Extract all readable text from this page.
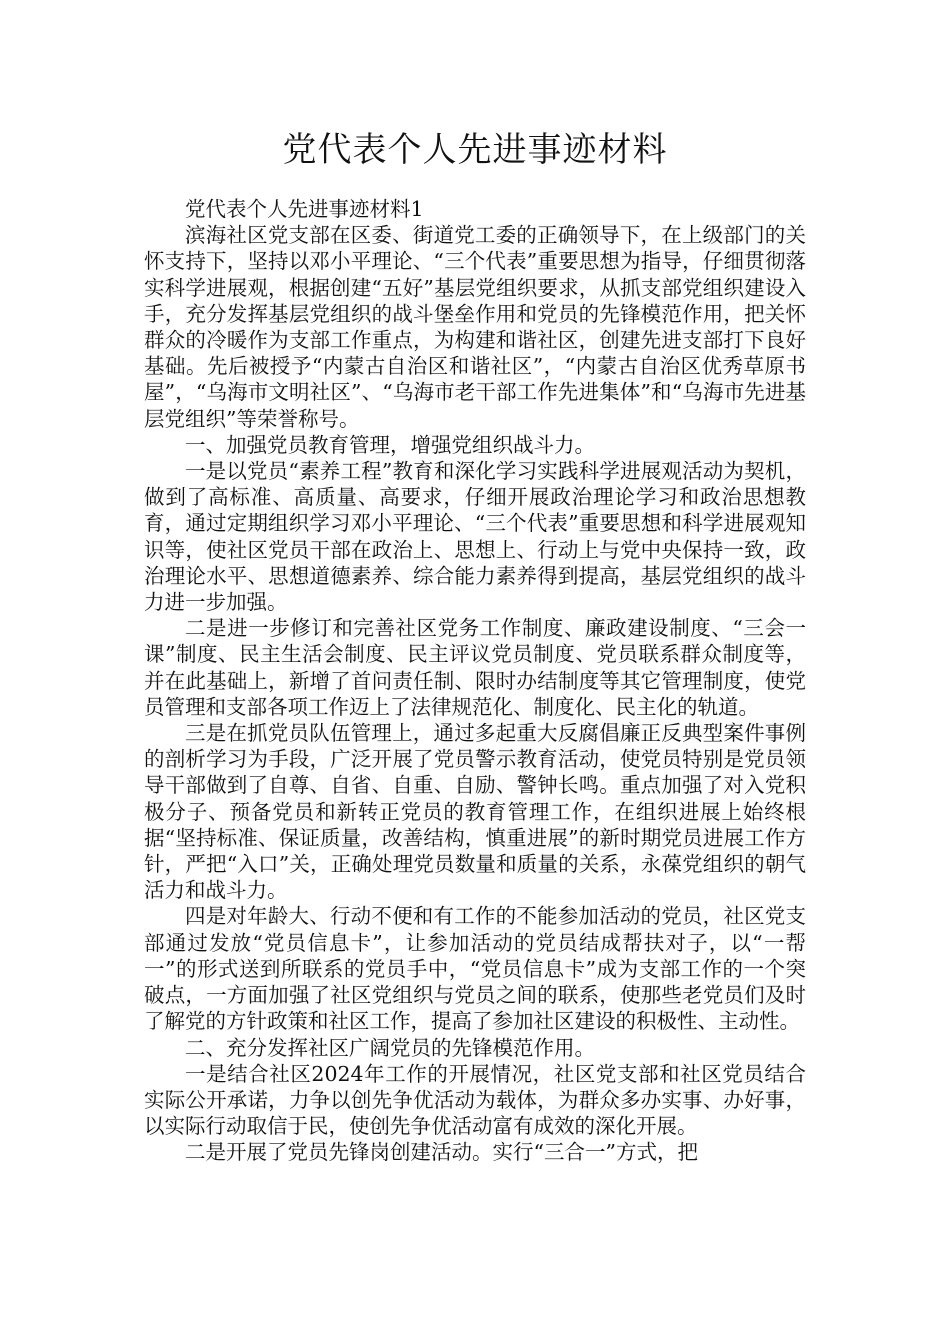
党代表个人先进事迹材料

党代表个人先进事迹材料1

滨海社区党支部在区委、街道党工委的正确领导下，在上级部门的关怀支持下，坚持以邓小平理论、“三个代表”重要思想为指导，仔细贯彻落实科学进展观，根据创建“五好”基层党组织要求，从抓支部党组织建设入手，充分发挥基层党组织的战斗堡垒作用和党员的先锋模范作用，把关怀群众的冷暖作为支部工作重点，为构建和谐社区，创建先进支部打下良好基础。先后被授予“内蒙古自治区和谐社区”，“内蒙古自治区优秀草原书屋”，“乌海市文明社区”、“乌海市老干部工作先进集体”和“乌海市先进基层党组织”等荣誉称号。

一、加强党员教育管理，增强党组织战斗力。

一是以党员“素养工程”教育和深化学习实践科学进展观活动为契机，做到了高标准、高质量、高要求，仔细开展政治理论学习和政治思想教育，通过定期组织学习邓小平理论、“三个代表”重要思想和科学进展观知识等，使社区党员干部在政治上、思想上、行动上与党中央保持一致，政治理论水平、思想道德素养、综合能力素养得到提高，基层党组织的战斗力进一步加强。

二是进一步修订和完善社区党务工作制度、廉政建设制度、“三会一课”制度、民主生活会制度、民主评议党员制度、党员联系群众制度等，并在此基础上，新增了首问责任制、限时办结制度等其它管理制度，使党员管理和支部各项工作迈上了法律规范化、制度化、民主化的轨道。

三是在抓党员队伍管理上，通过多起重大反腐倡廉正反典型案件事例的剖析学习为手段，广泛开展了党员警示教育活动，使党员特别是党员领导干部做到了自尊、自省、自重、自励、警钟长鸣。重点加强了对入党积极分子、预备党员和新转正党员的教育管理工作，在组织进展上始终根据“坚持标准、保证质量，改善结构，慎重进展”的新时期党员进展工作方针，严把“入口”关，正确处理党员数量和质量的关系，永葆党组织的朝气活力和战斗力。

四是对年龄大、行动不便和有工作的不能参加活动的党员，社区党支部通过发放“党员信息卡”，让参加活动的党员结成帮扶对子，以“一帮一”的形式送到所联系的党员手中，“党员信息卡”成为支部工作的一个突破点，一方面加强了社区党组织与党员之间的联系，使那些老党员们及时了解党的方针政策和社区工作，提高了参加社区建设的积极性、主动性。

二、充分发挥社区广阔党员的先锋模范作用。

一是结合社区2024年工作的开展情况，社区党支部和社区党员结合实际公开承诺，力争以创先争优活动为载体，为群众多办实事、办好事，以实际行动取信于民，使创先争优活动富有成效的深化开展。

二是开展了党员先锋岗创建活动。实行“三合一”方式，把
